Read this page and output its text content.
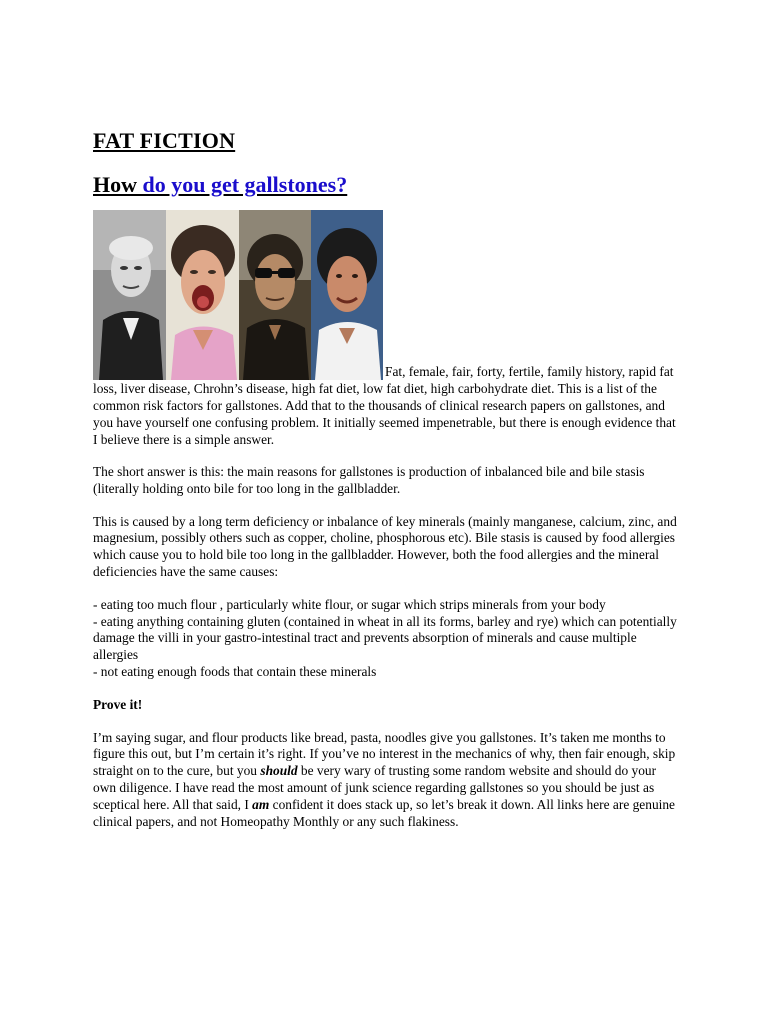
FAT FICTION
How do you get gallstones?
Fat, female, fair, forty, fertile, family history, rapid fat loss, liver disease, Chrohn’s disease, high fat diet, low fat diet, high carbohydrate diet. This is a list of the common risk factors for gallstones. Add that to the thousands of clinical research papers on gallstones, and you have yourself one confusing problem. It initially seemed impenetrable, but there is enough evidence that I believe there is a simple answer.

The short answer is this: the main reasons for gallstones is production of inbalanced bile and bile stasis (literally holding onto bile for too long in the gallbladder.

This is caused by a long term deficiency or inbalance of key minerals (mainly manganese, calcium, zinc, and magnesium, possibly others such as copper, choline, phosphorous etc). Bile stasis is caused by food allergies which cause you to hold bile too long in the gallbladder. However, both the food allergies and the mineral deficiencies have the same causes:

- eating too much flour , particularly white flour, or sugar which strips minerals from your body
- eating anything containing gluten (contained in wheat in all its forms, barley and rye) which can potentially damage the villi in your gastro-intestinal tract and prevents absorption of minerals and cause multiple allergies
- not eating enough foods that contain these minerals
Prove it!

I’m saying sugar, and flour products like bread, pasta, noodles give you gallstones. It’s taken me months to figure this out, but I’m certain it’s right. If you’ve no interest in the mechanics of why, then fair enough, skip straight on to the cure, but you should be very wary of trusting some random website and should do your own diligence. I have read the most amount of junk science regarding gallstones so you should be just as sceptical here. All that said, I am confident it does stack up, so let’s break it down. All links here are genuine clinical papers, and not Homeopathy Monthly or any such flakiness.
